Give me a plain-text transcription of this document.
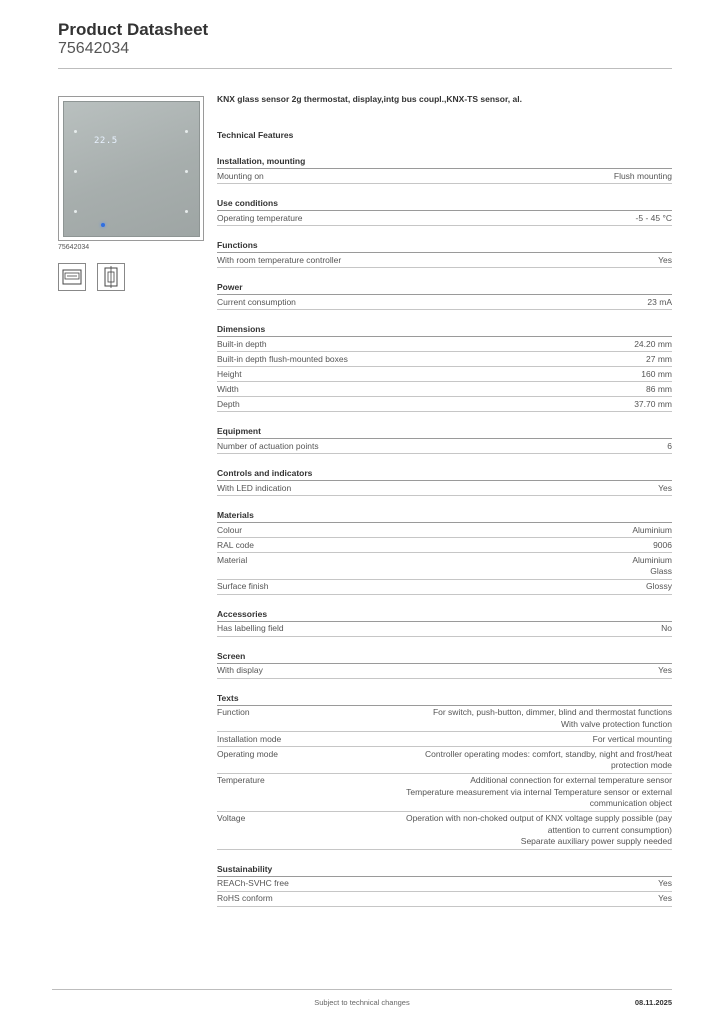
Product Datasheet
75642034
22.5
75642034
KNX glass sensor 2g thermostat, display,intg bus coupl.,KNX-TS sensor, al.
Technical Features
Installation, mounting
Mounting on	Flush mounting
Use conditions
Operating temperature	-5 - 45 °C
Functions
With room temperature controller	Yes
Power
Current consumption	23 mA
Dimensions
Built-in depth	24.20 mm
Built-in depth flush-mounted boxes	27 mm
Height	160 mm
Width	86 mm
Depth	37.70 mm
Equipment
Number of actuation points	6
Controls and indicators
With LED indication	Yes
Materials
Colour	Aluminium
RAL code	9006
Material	Aluminium
Glass
Surface finish	Glossy
Accessories
Has labelling field	No
Screen
With display	Yes
Texts
Function	For switch, push-button, dimmer, blind and thermostat functions
With valve protection function
Installation mode	For vertical mounting
Operating mode	Controller operating modes: comfort, standby, night and frost/heat
protection mode
Temperature	Additional connection for external temperature sensor
Temperature measurement via internal Temperature sensor or external
communication object
Voltage	Operation with non-choked output of KNX voltage supply possible (pay
attention to current consumption)
Separate auxiliary power supply needed
Sustainability
REACh-SVHC free	Yes
RoHS conform	Yes
Subject to technical changes	08.11.2025
